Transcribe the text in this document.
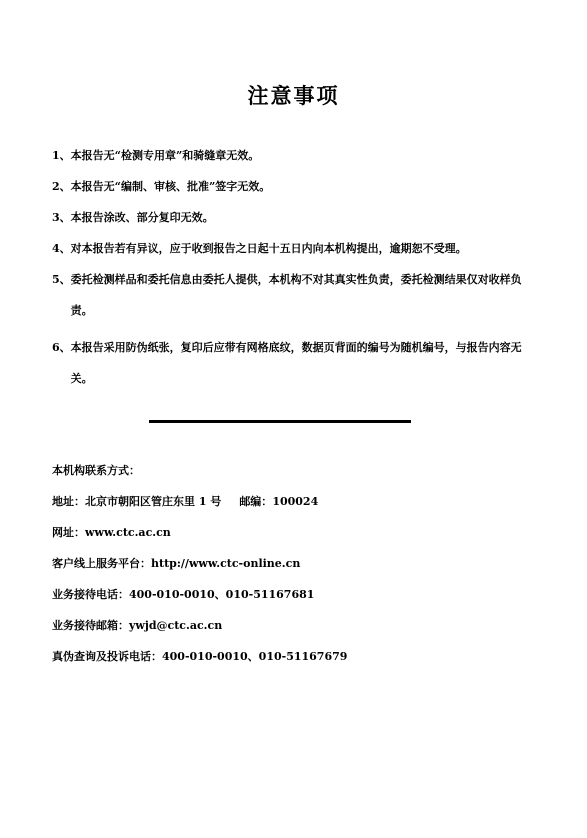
注意事项
1、 本报告无“检测专用章”和骑缝章无效。
2、 本报告无“编制、审核、批准”签字无效。
3、 本报告涂改、部分复印无效。
4、 对本报告若有异议，应于收到报告之日起十五日内向本机构提出，逾期恕不受理。
5、 委托检测样品和委托信息由委托人提供，本机构不对其真实性负责，委托检测结果仅对收样负责。
6、 本报告采用防伪纸张，复印后应带有网格底纹，数据页背面的编号为随机编号，与报告内容无关。
本机构联系方式：
地址：北京市朝阳区管庄东里 1 号 邮编：100024
网址：www.ctc.ac.cn
客户线上服务平台：http://www.ctc-online.cn
业务接待电话：400-010-0010、010-51167681
业务接待邮箱：ywjd@ctc.ac.cn
真伪查询及投诉电话：400-010-0010、010-51167679
